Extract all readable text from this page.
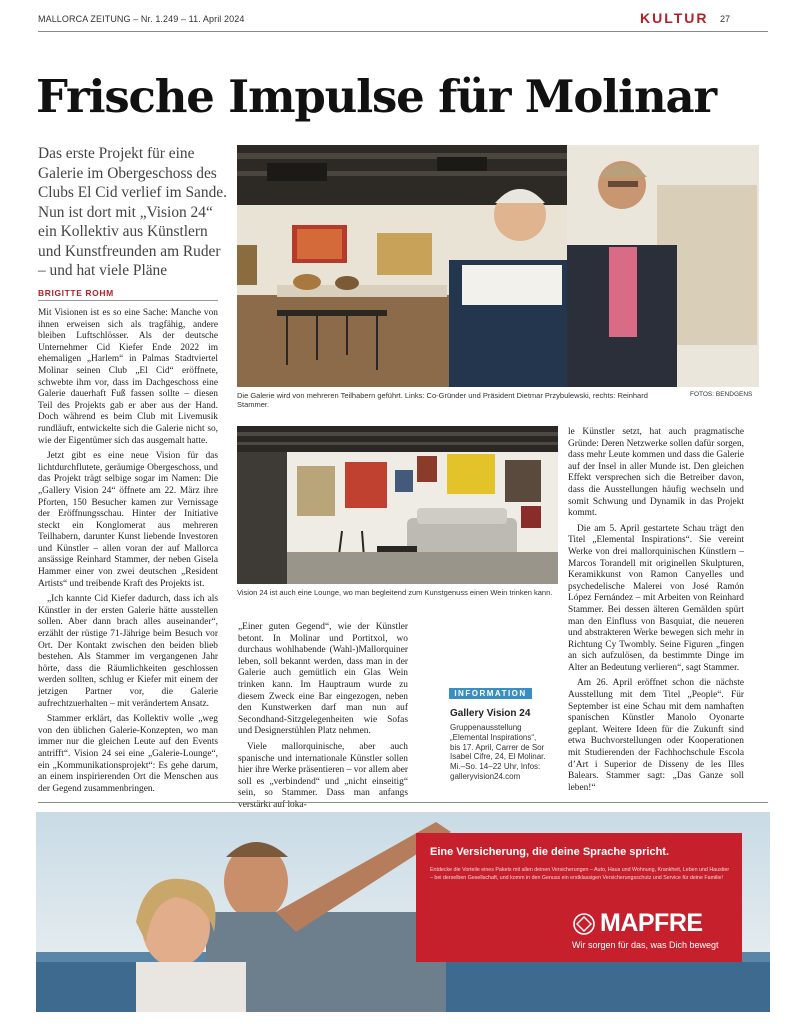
MALLORCA ZEITUNG – Nr. 1.249 – 11. April 2024	KULTUR 27
Frische Impulse für Molinar
Das erste Projekt für eine Galerie im Obergeschoss des Clubs El Cid verlief im Sande. Nun ist dort mit „Vision 24“ ein Kollektiv aus Künstlern und Kunstfreunden am Ruder – und hat viele Pläne
BRIGITTE ROHM

Mit Visionen ist es so eine Sache: Manche von ihnen erweisen sich als tragfähig, andere bleiben Luftschlösser. Als der deutsche Unternehmer Cid Kiefer Ende 2022 im ehemaligen „Harlem“ in Palmas Stadtviertel Molinar seinen Club „El Cid“ eröffnete, schwebte ihm vor, dass im Dachgeschoss eine Galerie dauerhaft Fuß fassen sollte – diesen Teil des Projekts gab er aber aus der Hand. Doch während es beim Club mit Livemusik rundläuft, entwickelte sich die Galerie nicht so, wie der Eigentümer sich das ausgemalt hatte.

Jetzt gibt es eine neue Vision für das lichtdurchflutete, geräumige Obergeschoss, und das Projekt trägt selbige sogar im Namen: Die „Gallery Vision 24“ öffnete am 22. März ihre Pforten, 150 Besucher kamen zur Vernissage der Eröffnungsschau. Hinter der Initiative steckt ein Konglomerat aus mehreren Teilhabern, darunter Kunst liebende Investoren und Künstler – allen voran der auf Mallorca ansässige Reinhard Stammer, der neben Gisela Hammer einer von zwei deutschen „Resident Artists“ und treibende Kraft des Projekts ist.

„Ich kannte Cid Kiefer dadurch, dass ich als Künstler in der ersten Galerie hätte ausstellen sollen. Aber dann brach alles auseinander“, erzählt der rüstige 71-Jährige beim Besuch vor Ort. Der Kontakt zwischen den beiden blieb bestehen. Als Stammer im vergangenen Jahr hörte, dass die Räumlichkeiten geschlossen werden sollten, schlug er Kiefer mit einem der jetzigen Partner vor, die Galerie aufrechtzuerhalten – mit verändertem Ansatz.

Stammer erklärt, das Kollektiv wolle „weg von den üblichen Galerie-Konzepten, wo man immer nur die gleichen Leute auf den Events antrifft“. Vision 24 sei eine „Galerie-Lounge“, ein „Kommunikationsprojekt“: Es gehe darum, an einem inspirierenden Ort die Menschen aus der Gegend zusammenbringen.

Die Galerie wird von mehreren Teilhabern geführt. Links: Co-Gründer und Präsident Dietmar Przybulewski, rechts: Reinhard Stammer.
FOTOS: BENDGENS
Vision 24 ist auch eine Lounge, wo man begleitend zum Kunstgenuss einen Wein trinken kann.

„Einer guten Gegend“, wie der Künstler betont. In Molinar und Portitxol, wo durchaus wohlhabende (Wahl-)Mallorquiner leben, soll bekannt werden, dass man in der Galerie auch gemütlich ein Glas Wein trinken kann. Im Hauptraum wurde zu diesem Zweck eine Bar eingezogen, neben den Kunstwerken darf man nun auf Secondhand-Sitzgelegenheiten wie Sofas und Designerstühlen Platz nehmen.

Viele mallorquinische, aber auch spanische und internationale Künstler sollen hier ihre Werke präsentieren – vor allem aber soll es „verbindend“ und „nicht einseitig“ sein, so Stammer. Dass man anfangs verstärkt auf loka-

INFORMATION
Gallery Vision 24
Gruppenausstellung
„Elemental Inspirations“,
bis 17. April, Carrer de Sor
Isabel Cifre, 24, El Molinar.
Mi.–So. 14–22 Uhr, Infos:
galleryvision24.com

le Künstler setzt, hat auch pragmatische Gründe: Deren Netzwerke sollen dafür sorgen, dass mehr Leute kommen und dass die Galerie auf der Insel in aller Munde ist. Den gleichen Effekt versprechen sich die Betreiber davon, dass die Ausstellungen häufig wechseln und somit Schwung und Dynamik in das Projekt kommt.

Die am 5. April gestartete Schau trägt den Titel „Elemental Inspirations“. Sie vereint Werke von drei mallorquinischen Künstlern – Marcos Torandell mit originellen Skulpturen, Keramikkunst von Ramon Canyelles und psychedelische Malerei von José Ramón López Fernández – mit Arbeiten von Reinhard Stammer. Bei dessen älteren Gemälden spürt man den Einfluss von Basquiat, die neueren und abstrakteren Werke bewegen sich mehr in Richtung Cy Twombly. Seine Figuren „fingen an sich aufzulösen, da bestimmte Dinge im Alter an Bedeutung verlieren“, sagt Stammer.

Am 26. April eröffnet schon die nächste Ausstellung mit dem Titel „People“. Für September ist eine Schau mit dem namhaften spanischen Künstler Manolo Oyonarte geplant. Weitere Ideen für die Zukunft sind etwa Buchvorstellungen oder Kooperationen mit Studierenden der Fachhochschule Escola d’Art i Superior de Disseny de les Illes Balears. Stammer sagt: „Das Ganze soll leben!“

Eine Versicherung, die deine Sprache spricht.
Entdecke die Vorteile eines Pakets mit allen deinen Versicherungen – Auto, Haus und Wohnung, Krankheit, Leben und Haustier – bei derselben Gesellschaft, und komm in den Genuss ein erstklassigen Versicherungsschutz und Service für deine Familie!
MAPFRE
Wir sorgen für das, was Dich bewegt
